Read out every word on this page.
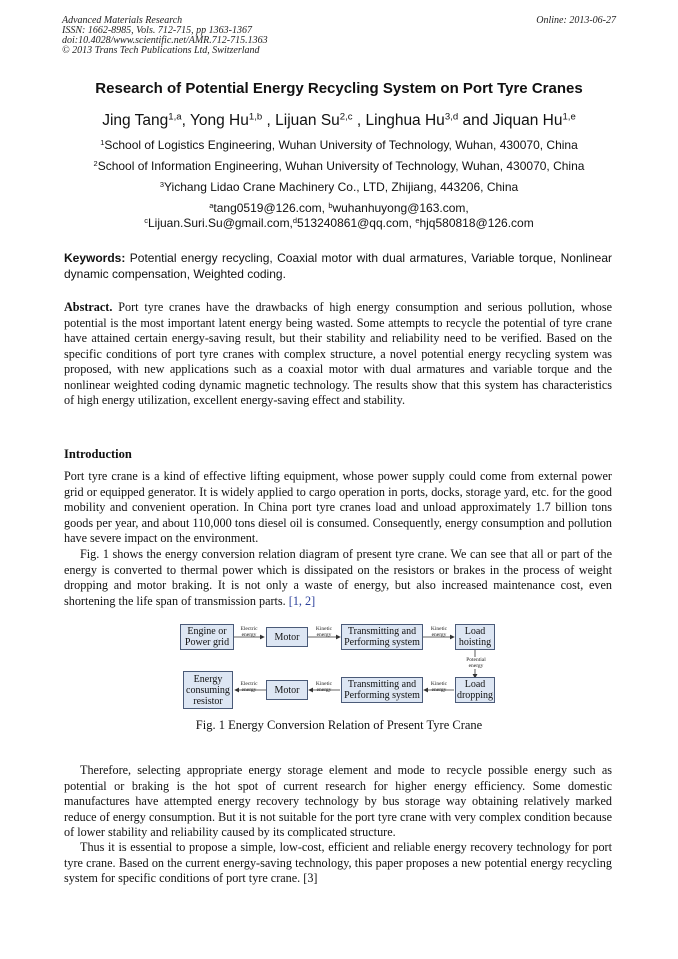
Advanced Materials Research
ISSN: 1662-8985, Vols. 712-715, pp 1363-1367
doi:10.4028/www.scientific.net/AMR.712-715.1363
© 2013 Trans Tech Publications Ltd, Switzerland
Online: 2013-06-27
Research of Potential Energy Recycling System on Port Tyre Cranes
Jing Tang$^{1,a}$, Yong Hu$^{1,b}$ , Lijuan Su$^{2,c}$ , Linghua Hu$^{3,d}$ and Jiquan Hu$^{1,e}$
$^1$School of Logistics Engineering, Wuhan University of Technology, Wuhan, 430070, China
$^2$School of Information Engineering, Wuhan University of Technology, Wuhan, 430070, China
$^3$Yichang Lidao Crane Machinery Co., LTD, Zhijiang, 443206, China
$^a$tang0519@126.com, $^b$wuhanhuyong@163.com,
$^c$Lijuan.Suri.Su@gmail.com,$^d$513240861@qq.com, $^e$hjq580818@126.com
Keywords: Potential energy recycling, Coaxial motor with dual armatures, Variable torque, Nonlinear dynamic compensation, Weighted coding.
Abstract. Port tyre cranes have the drawbacks of high energy consumption and serious pollution, whose potential is the most important latent energy being wasted. Some attempts to recycle the potential of tyre crane have attained certain energy-saving result, but their stability and reliability need to be verified. Based on the specific conditions of port tyre cranes with complex structure, a novel potential energy recycling system was proposed, with new applications such as a coaxial motor with dual armatures and variable torque and the nonlinear weighted coding dynamic magnetic technology. The results show that this system has characteristics of high energy utilization, excellent energy-saving effect and stability.
Introduction
Port tyre crane is a kind of effective lifting equipment, whose power supply could come from external power grid or equipped generator. It is widely applied to cargo operation in ports, docks, storage yard, etc. for the good mobility and convenient operation. In China port tyre cranes load and unload approximately 1.7 billion tons goods per year, and about 110,000 tons diesel oil is consumed. Consequently, energy consumption and pollution have severe impact on the environment.
Fig. 1 shows the energy conversion relation diagram of present tyre crane. We can see that all or part of the energy is converted to thermal power which is dissipated on the resistors or brakes in the process of weight dropping and motor braking. It is not only a waste of energy, but also increased maintenance cost, even shortening the life span of transmission parts. [1, 2]
Engine or Power grid	Motor	Transmitting and Performing system
Load hoisting
Energy consuming resistor
Motor	Transmitting and Performing system
Load dropping
Electric energy
Kinetic energy
Kinetic energy
Potential energy
Electric energy
Kinetic energy
Kinetic energy
Fig. 1 Energy Conversion Relation of Present Tyre Crane
Therefore, selecting appropriate energy storage element and mode to recycle possible energy such as potential or braking is the hot spot of current research for higher energy efficiency. Some domestic manufactures have attempted energy recovery technology by bus storage way obtaining relatively marked reduce of energy consumption. But it is not suitable for the port tyre crane with very complex condition because of lower stability and reliability caused by its complicated structure.
Thus it is essential to propose a simple, low-cost, efficient and reliable energy recovery technology for port tyre crane. Based on the current energy-saving technology, this paper proposes a new potential energy recycling system for specific conditions of port tyre crane. [3]
